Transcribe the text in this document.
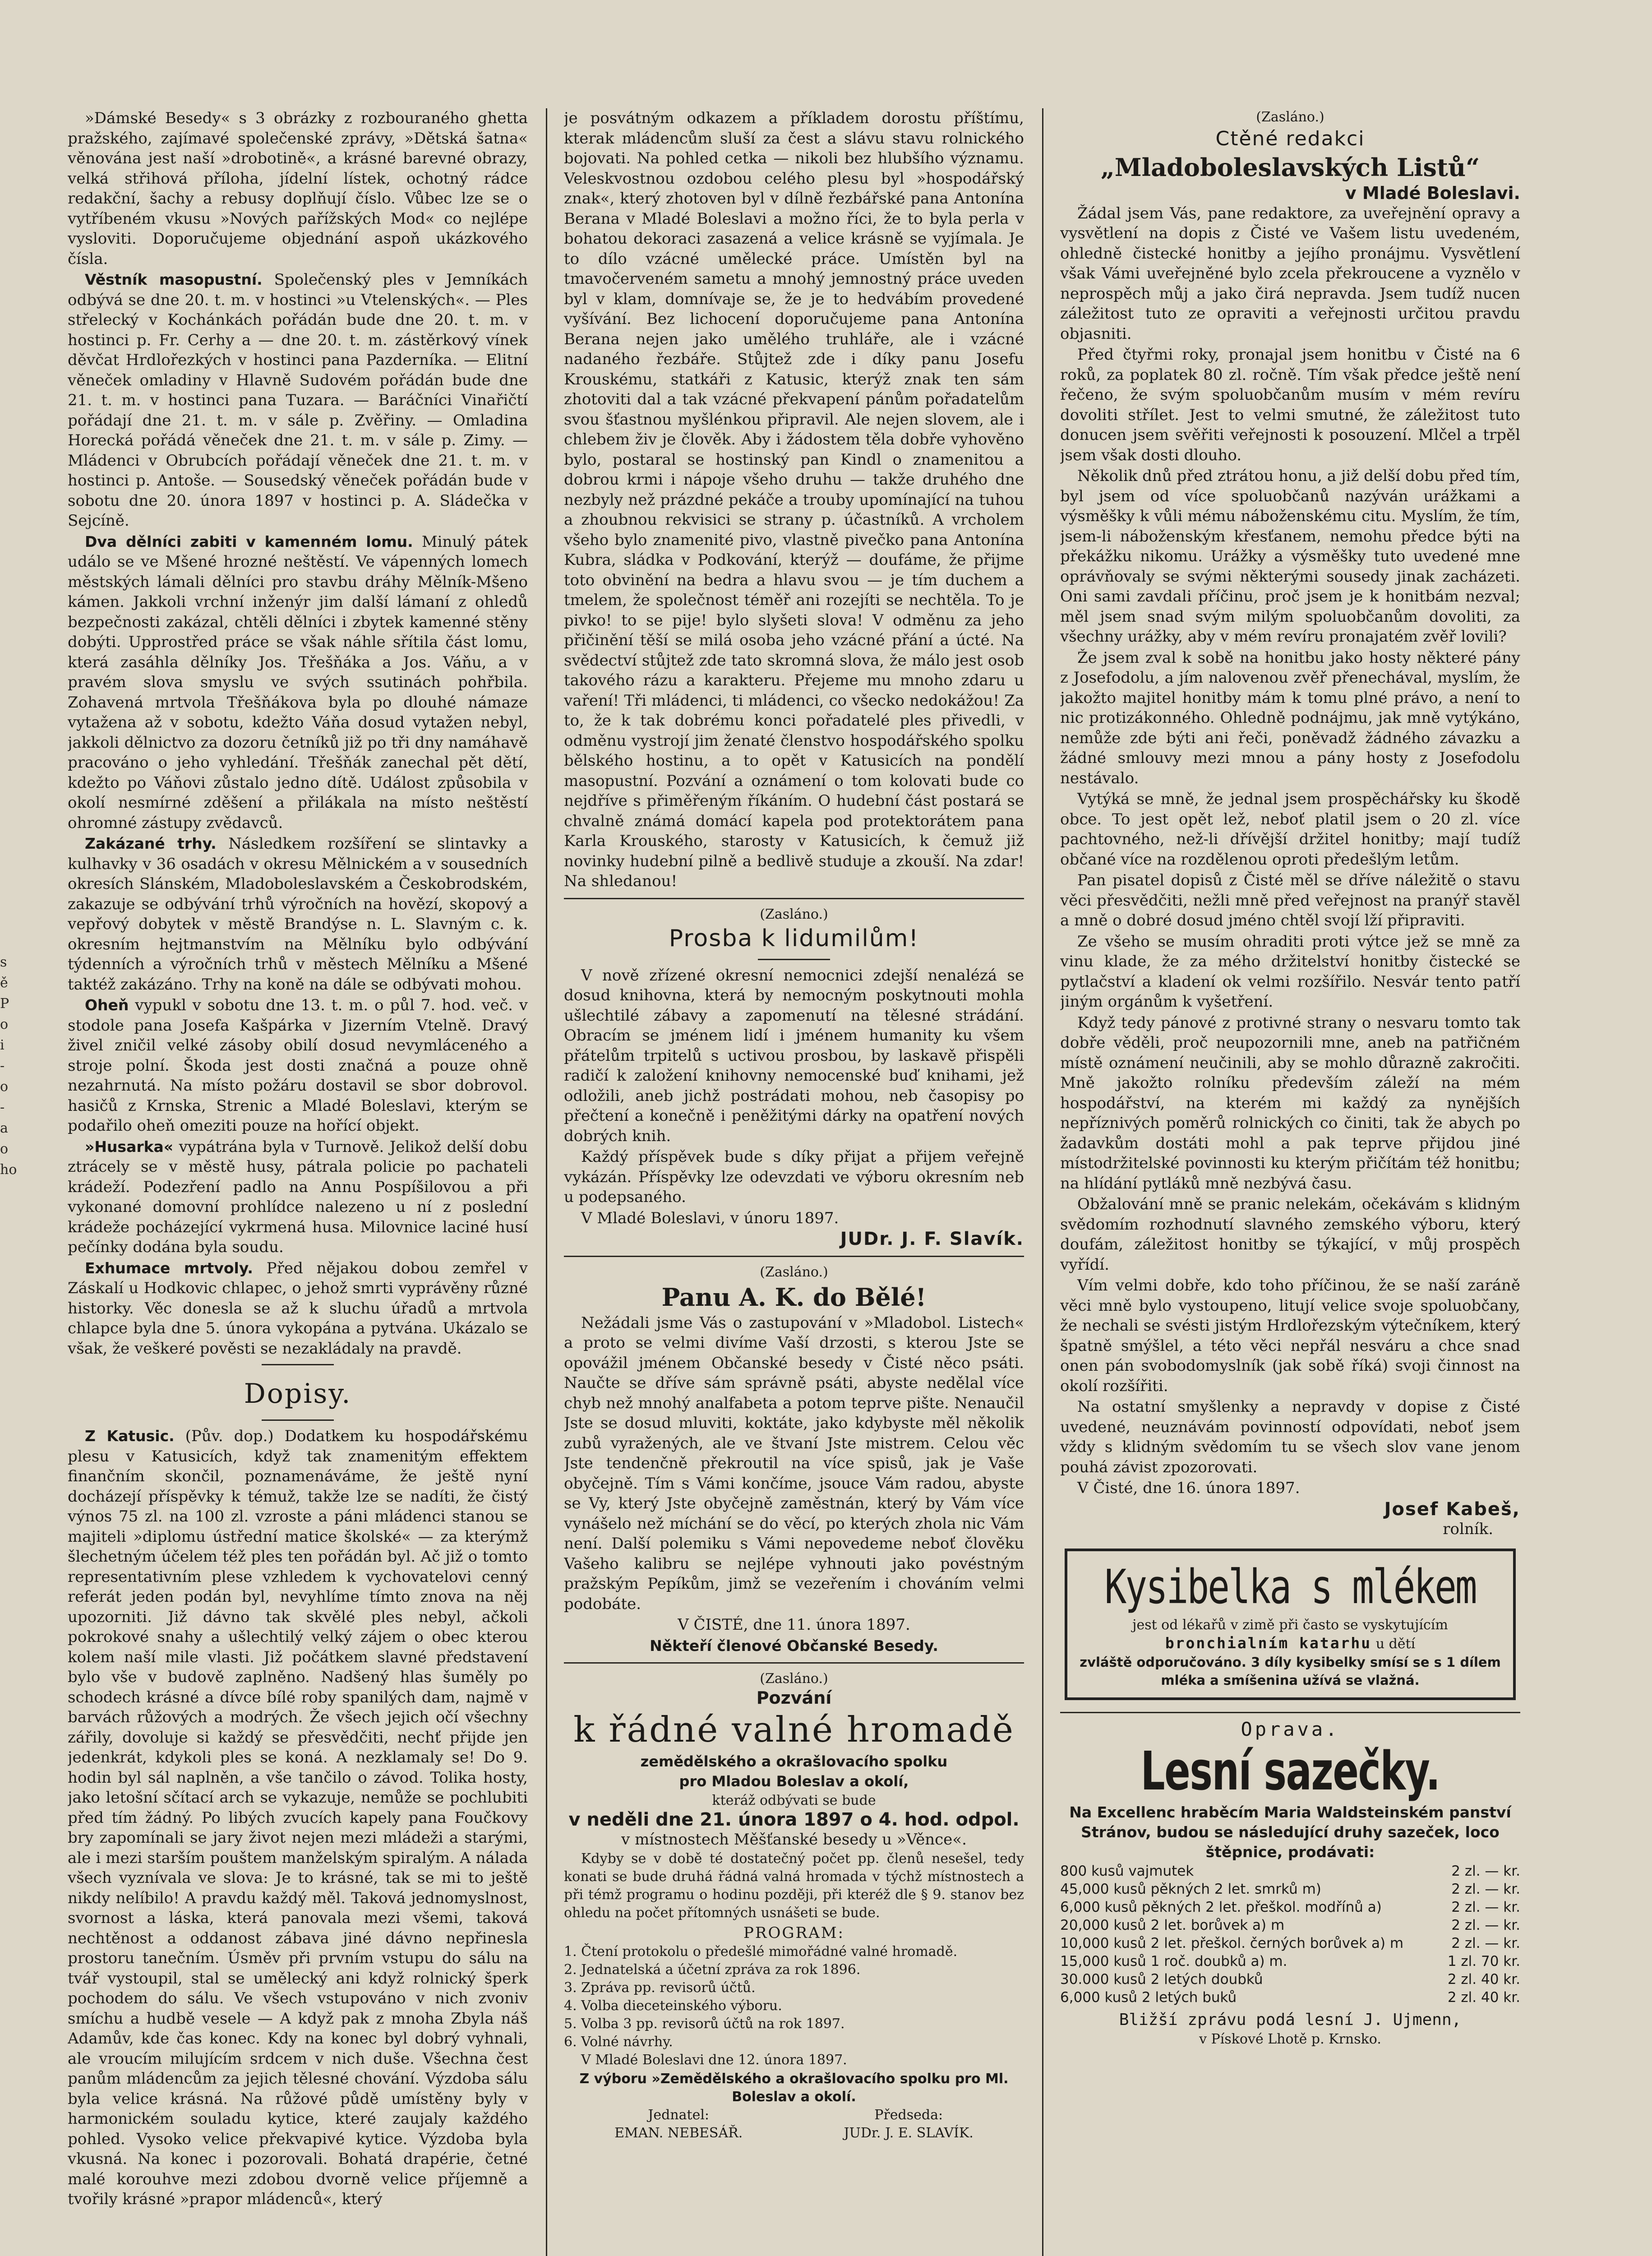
s
ě
P
o
i
-
o
-
a
o
ho

»Dámské Besedy« s 3 obrázky z rozbouraného ghetta pražského, zajímavé společenské zprávy, »Dětská šatna« věnována jest naší »drobotině«, a krásné barevné obrazy, velká střihová příloha, jídelní lístek, ochotný rádce redakční, šachy a rebusy doplňují číslo. Vůbec lze se o vytříbeném vkusu »Nových pařížských Mod« co nejlépe vysloviti. Doporučujeme objednání aspoň ukázkového čísla.

Věstník masopustní. Společenský ples v Jemníkách odbývá se dne 20. t. m. v hostinci »u Vtelenských«. — Ples střelecký v Kochánkách pořádán bude dne 20. t. m. v hostinci p. Fr. Cerhy a — dne 20. t. m. zástěrkový vínek děvčat Hrdlořezkých v hostinci pana Pazderníka. — Elitní věneček omladiny v Hlavně Sudovém pořádán bude dne 21. t. m. v hostinci pana Tuzara. — Baráčníci Vinařičtí pořádají dne 21. t. m. v sále p. Zvěřiny. — Omladina Horecká pořádá věneček dne 21. t. m. v sále p. Zimy. — Mládenci v Obrubcích pořádají věneček dne 21. t. m. v hostinci p. Antoše. — Sousedský věneček pořádán bude v sobotu dne 20. února 1897 v hostinci p. A. Sládečka v Sejcíně.

Dva dělníci zabiti v kamenném lomu. Minulý pátek událo se ve Mšené hrozné neštěstí. Ve vápenných lomech městských lámali dělníci pro stavbu dráhy Mělník-Mšeno kámen. Jakkoli vrchní inženýr jim další lámaní z ohledů bezpečnosti zakázal, chtěli dělníci i zbytek kamenné stěny dobýti. Upprostřed práce se však náhle sřítila část lomu, která zasáhla dělníky Jos. Třešňáka a Jos. Váňu, a v pravém slova smyslu ve svých ssutinách pohřbila. Zohavená mrtvola Třešňákova byla po dlouhé námaze vytažena až v sobotu, kdežto Váňa dosud vytažen nebyl, jakkoli dělnictvo za dozoru četníků již po tři dny namáhavě pracováno o jeho vyhledání. Třešňák zanechal pět dětí, kdežto po Váňovi zůstalo jedno dítě. Událost způsobila v okolí nesmírné zděšení a přilákala na místo neštěstí ohromné zástupy zvědavců.

Zakázané trhy. Následkem rozšíření se slintavky a kulhavky v 36 osadách v okresu Mělnickém a v sousedních okresích Slánském, Mladoboleslavském a Českobrodském, zakazuje se odbývání trhů výročních na hovězí, skopový a vepřový dobytek v městě Brandýse n. L. Slavným c. k. okresním hejtmanstvím na Mělníku bylo odbývání týdenních a výročních trhů v městech Mělníku a Mšené taktéž zakázáno. Trhy na koně na dále se odbývati mohou.

Oheň vypukl v sobotu dne 13. t. m. o půl 7. hod. več. v stodole pana Josefa Kašpárka v Jizerním Vtelně. Dravý živel zničil velké zásoby obilí dosud nevymláceného a stroje polní. Škoda jest dosti značná a pouze ohně nezahrnutá. Na místo požáru dostavil se sbor dobrovol. hasičů z Krnska, Strenic a Mladé Boleslavi, kterým se podařilo oheň omeziti pouze na hořící objekt.

»Husarka« vypátrána byla v Turnově. Jelikož delší dobu ztrácely se v městě husy, pátrala policie po pachateli krádeží. Podezření padlo na Annu Pospíšilovou a při vykonané domovní prohlídce nalezeno u ní z poslední krádeže pocházející vykrmená husa. Milovnice laciné husí pečínky dodána byla soudu.

Exhumace mrtvoly. Před nějakou dobou zemřel v Záskalí u Hodkovic chlapec, o jehož smrti vyprávěny různé historky. Věc donesla se až k sluchu úřadů a mrtvola chlapce byla dne 5. února vykopána a pytvána. Ukázalo se však, že veškeré pověsti se nezakládaly na pravdě.

Dopisy.

Z Katusic. (Pův. dop.) Dodatkem ku hospodářskému plesu v Katusicích, když tak znamenitým effektem finančním skončil, poznamenáváme, že ještě nyní docházejí příspěvky k témuž, takže lze se nadíti, že čistý výnos 75 zl. na 100 zl. vzroste a páni mládenci stanou se majiteli »diplomu ústřední matice školské« — za kterýmž šlechetným účelem též ples ten pořádán byl. Ač již o tomto representativním plese vzhledem k vychovatelovi cenný referát jeden podán byl, nevyhlíme tímto znova na něj upozorniti. Již dávno tak skvělé ples nebyl, ačkoli pokrokové snahy a ušlechtilý velký zájem o obec kterou kolem naší mile vlasti. Již počátkem slavné představení bylo vše v budově zaplněno. Nadšený hlas šuměly po schodech krásné a dívce bílé roby spanilých dam, najmě v barvách růžových a modrých. Že všech jejich očí všechny zářily, dovoluje si každý se přesvědčiti, nechť přijde jen jedenkrát, kdykoli ples se koná. A nezklamaly se! Do 9. hodin byl sál naplněn, a vše tančilo o závod. Tolika hosty, jako letošní sčítací arch se vykazuje, nemůže se pochlubiti před tím žádný. Po libých zvucích kapely pana Foučkovy bry zapomínali se jary život nejen mezi mládeži a starými, ale i mezi starším pouštem manželským spiralým. A nálada všech vyznívala ve slova: Je to krásné, tak se mi to ještě nikdy nelíbilo! A pravdu každý měl. Taková jednomyslnost, svornost a láska, která panovala mezi všemi, taková nechtěnost a oddanost zábava jiné dávno nepřinesla prostoru tanečním. Úsměv při prvním vstupu do sálu na tvář vystoupil, stal se umělecký ani když rolnický šperk pochodem do sálu. Ve všech vstupováno v nich zvoniv smíchu a hudbě vesele — A když pak z mnoha Zbyla náš Adamův, kde čas konec. Kdy na konec byl dobrý vyhnali, ale vroucím milujícím srdcem v nich duše. Všechna čest panům mládencům za jejich tělesné chování. Výzdoba sálu byla velice krásná. Na růžové půdě umístěny byly v harmonickém souladu kytice, které zaujaly každého pohled. Vysoko velice překvapivé kytice. Výzdoba byla vkusná. Na konec i pozorovali. Bohatá drapérie, četné malé korouhve mezi zdobou dvorně velice příjemně a tvořily krásné »prapor mládenců«, který

je posvátným odkazem a příkladem dorostu příštímu, kterak mládencům sluší za čest a slávu stavu rolnického bojovati. Na pohled cetka — nikoli bez hlubšího významu. Veleskvostnou ozdobou celého plesu byl »hospodářský znak«, který zhotoven byl v dílně řezbářské pana Antonína Berana v Mladé Boleslavi a možno říci, že to byla perla v bohatou dekoraci zasazená a velice krásně se vyjímala. Je to dílo vzácné umělecké práce. Umístěn byl na tmavočerveném sametu a mnohý jemnostný práce uveden byl v klam, domnívaje se, že je to hedvábím provedené vyšívání. Bez lichocení doporučujeme pana Antonína Berana nejen jako umělého truhláře, ale i vzácné nadaného řezbáře. Stůjtež zde i díky panu Josefu Krouskému, statkáři z Katusic, kterýž znak ten sám zhotoviti dal a tak vzácné překvapení pánům pořadatelům svou šťastnou myšlénkou připravil. Ale nejen slovem, ale i chlebem živ je člověk. Aby i žádostem těla dobře vyhověno bylo, postaral se hostinský pan Kindl o znamenitou a dobrou krmi i nápoje všeho druhu — takže druhého dne nezbyly než prázdné pekáče a trouby upomínající na tuhou a zhoubnou rekvisici se strany p. účastníků. A vrcholem všeho bylo znamenité pivo, vlastně pivečko pana Antonína Kubra, sládka v Podkování, kterýž — doufáme, že přijme toto obvinění na bedra a hlavu svou — je tím duchem a tmelem, že společnost téměř ani rozejíti se nechtěla. To je pivko! to se pije! bylo slyšeti slova! V odměnu za jeho přičinění těší se milá osoba jeho vzácné přání a úcté. Na svědectví stůjtež zde tato skromná slova, že málo jest osob takového rázu a karakteru. Přejeme mu mnoho zdaru u vaření! Tři mládenci, ti mládenci, co všecko nedokážou! Za to, že k tak dobrému konci pořadatelé ples přivedli, v odměnu vystrojí jim ženaté členstvo hospodářského spolku bělského hostinu, a to opět v Katusicích na pondělí masopustní. Pozvání a oznámení o tom kolovati bude co nejdříve s přiměřeným říkáním. O hudební část postará se chvalně známá domácí kapela pod protektorátem pana Karla Krouského, starosty v Katusicích, k čemuž již novinky hudební pilně a bedlivě studuje a zkouší. Na zdar! Na shledanou!

(Zasláno.)
Prosba k lidumilům!

V nově zřízené okresní nemocnici zdejší nenalézá se dosud knihovna, která by nemocným poskytnouti mohla ušlechtilé zábavy a zapomenutí na tělesné strádání. Obracím se jménem lidí i jménem humanity ku všem přátelům trpitelů s uctivou prosbou, by laskavě přispěli radičí k založení knihovny nemocenské buď knihami, jež odložili, aneb jichž postrádati mohou, neb časopisy po přečtení a konečně i peněžitými dárky na opatření nových dobrých knih.

Každý příspěvek bude s díky přijat a přijem veřejně vykázán. Příspěvky lze odevzdati ve výboru okresním neb u podepsaného.

V Mladé Boleslavi, v únoru 1897.

JUDr. J. F. Slavík.
(Zasláno.)
Panu A. K. do Bělé!

Nežádali jsme Vás o zastupování v »Mladobol. Listech« a proto se velmi divíme Vaší drzosti, s kterou Jste se opovážil jménem Občanské besedy v Čisté něco psáti. Naučte se dříve sám správně psáti, abyste nedělal více chyb než mnohý analfabeta a potom teprve pište. Nenaučil Jste se dosud mluviti, koktáte, jako kdybyste měl několik zubů vyražených, ale ve štvaní Jste mistrem. Celou věc Jste tendenčně překroutil na více spisů, jak je Vaše obyčejně. Tím s Vámi končíme, jsouce Vám radou, abyste se Vy, který Jste obyčejně zaměstnán, který by Vám více vynášelo než míchání se do věcí, po kterých zhola nic Vám není. Další polemiku s Vámi nepovedeme neboť člověku Vašeho kalibru se nejlépe vyhnouti jako povéstným pražským Pepíkům, jimž se vezeřením i chováním velmi podobáte.

V ČISTÉ, dne 11. února 1897.

Někteří členové Občanské Besedy.
(Zasláno.)
Pozvání
k řádné valné hromadě
zemědělského a okrašlovacího spolku
pro Mladou Boleslav a okolí,
kteráž odbývati se bude
v neděli dne 21. února 1897 o 4. hod. odpol.
v místnostech Měšťanské besedy u »Věnce«.

Kdyby se v době té dostatečný počet pp. členů nesešel, tedy konati se bude druhá řádná valná hromada v týchž místnostech a při témž programu o hodinu později, při kteréž dle § 9. stanov bez ohledu na počet přítomných usnášeti se bude.

PROGRAM:
1. Čtení protokolu o předešlé mimořádné valné hromadě.
2. Jednatelská a účetní zpráva za rok 1896.
3. Zpráva pp. revisorů účtů.
4. Volba dieceteinského výboru.
5. Volba 3 pp. revisorů účtů na rok 1897.
6. Volné návrhy.

V Mladé Boleslavi dne 12. února 1897.

Z výboru »Zemědělského a okrašlovacího spolku pro Ml. Boleslav a okolí.
Jednatel:
EMAN. NEBESÁŘ.
Předseda:
JUDr. J. E. SLAVÍK.
(Zasláno.)
Ctěné redakci
„Mladoboleslavských Listů“
v Mladé Boleslavi.

Žádal jsem Vás, pane redaktore, za uveřejnění opravy a vysvětlení na dopis z Čisté ve Vašem listu uvedeném, ohledně čistecké honitby a jejího pronájmu. Vysvětlení však Vámi uveřejněné bylo zcela překroucene a vyznělo v neprospěch můj a jako čirá nepravda. Jsem tudíž nucen záležitost tuto ze opraviti a veřejnosti určitou pravdu objasniti.

Před čtyřmi roky, pronajal jsem honitbu v Čisté na 6 roků, za poplatek 80 zl. ročně. Tím však předce ještě není řečeno, že svým spoluobčanům musím v mém revíru dovoliti střílet. Jest to velmi smutné, že záležitost tuto donucen jsem svěřiti veřejnosti k posouzení. Mlčel a trpěl jsem však dosti dlouho.

Několik dnů před ztrátou honu, a již delší dobu před tím, byl jsem od více spoluobčanů nazýván urážkami a výsměšky k vůli mému náboženskému citu. Myslím, že tím, jsem-li náboženským křesťanem, nemohu předce býti na překážku nikomu. Urážky a výsměšky tuto uvedené mne oprávňovaly se svými některými sousedy jinak zacházeti. Oni sami zavdali příčinu, proč jsem je k honitbám nezval; měl jsem snad svým milým spoluobčanům dovoliti, za všechny urážky, aby v mém revíru pronajatém zvěř lovili?

Že jsem zval k sobě na honitbu jako hosty některé pány z Josefodolu, a jím nalovenou zvěř přenechával, myslím, že jakožto majitel honitby mám k tomu plné právo, a není to nic protizákonného. Ohledně podnájmu, jak mně vytýkáno, nemůže zde býti ani řeči, poněvadž žádného závazku a žádné smlouvy mezi mnou a pány hosty z Josefodolu nestávalo.

Vytýká se mně, že jednal jsem prospěchářsky ku škodě obce. To jest opět lež, neboť platil jsem o 20 zl. více pachtovného, než-li dřívější držitel honitby; mají tudíž občané více na rozdělenou oproti předešlým letům.

Pan pisatel dopisů z Čisté měl se dříve náležitě o stavu věci přesvědčiti, nežli mně před veřejnost na pranýř stavěl a mně o dobré dosud jméno chtěl svojí lží připraviti.

Ze všeho se musím ohraditi proti výtce jež se mně za vinu klade, že za mého držitelství honitby čistecké se pytlačství a kladení ok velmi rozšířilo. Nesvár tento patří jiným orgánům k vyšetření.

Když tedy pánové z protivné strany o nesvaru tomto tak dobře věděli, proč neupozornili mne, aneb na patřičném místě oznámení neučinili, aby se mohlo důrazně zakročiti. Mně jakožto rolníku především záleží na mém hospodářství, na kterém mi každý za nynějších nepříznivých poměrů rolnických co činiti, tak že abych po žadavkům dostáti mohl a pak teprve přijdou jiné místodržitelské povinnosti ku kterým přičítám též honitbu; na hlídání pytláků mně nezbývá času.

Obžalování mně se pranic nelekám, očekávám s klidným svědomím rozhodnutí slavného zemského výboru, který doufám, záležitost honitby se týkající, v můj prospěch vyřídí.

Vím velmi dobře, kdo toho příčinou, že se naší zaráně věci mně bylo vystoupeno, litují velice svoje spoluobčany, že nechali se svésti jistým Hrdlořezským výtečníkem, který špatně smýšlel, a této věci nepřál nesváru a chce snad onen pán svobodomyslník (jak sobě říká) svoji činnost na okolí rozšířiti.

Na ostatní smyšlenky a nepravdy v dopise z Čisté uvedené, neuznávám povinností odpovídati, neboť jsem vždy s klidným svědomím tu se všech slov vane jenom pouhá závist zpozorovati.

V Čisté, dne 16. února 1897.

Josef Kabeš,
rolník.
Kysibelka s mlékem
jest od lékařů v zimě při často se vyskytujícím
bronchialním katarhu u dětí
zvláště odporučováno. 3 díly kysibelky smísí se s 1 dílem mléka a smíšenina užívá se vlažná.
Oprava.
Lesní sazečky.
Na Excellenc hraběcím Maria Waldsteinském panství Stránov, budou se následující druhy sazeček, loco štěpnice, prodávati:
800 kusů vajmutek	2 zl. — kr.
45,000 kusů pěkných 2 let. smrků m)	2 zl. — kr.
6,000 kusů pěkných 2 let. přeškol. modřínů a)	2 zl. — kr.
20,000 kusů 2 let. borůvek a) m	2 zl. — kr.
10,000 kusů 2 let. přeškol. černých borůvek a) m	2 zl. — kr.
15,000 kusů 1 roč. doubků a) m.	1 zl. 70 kr.
30.000 kusů 2 letých doubků	2 zl. 40 kr.
6,000 kusů 2 letých buků	2 zl. 40 kr.
Bližší zprávu podá lesní J. Ujmenn,
v Pískové Lhotě p. Krnsko.
